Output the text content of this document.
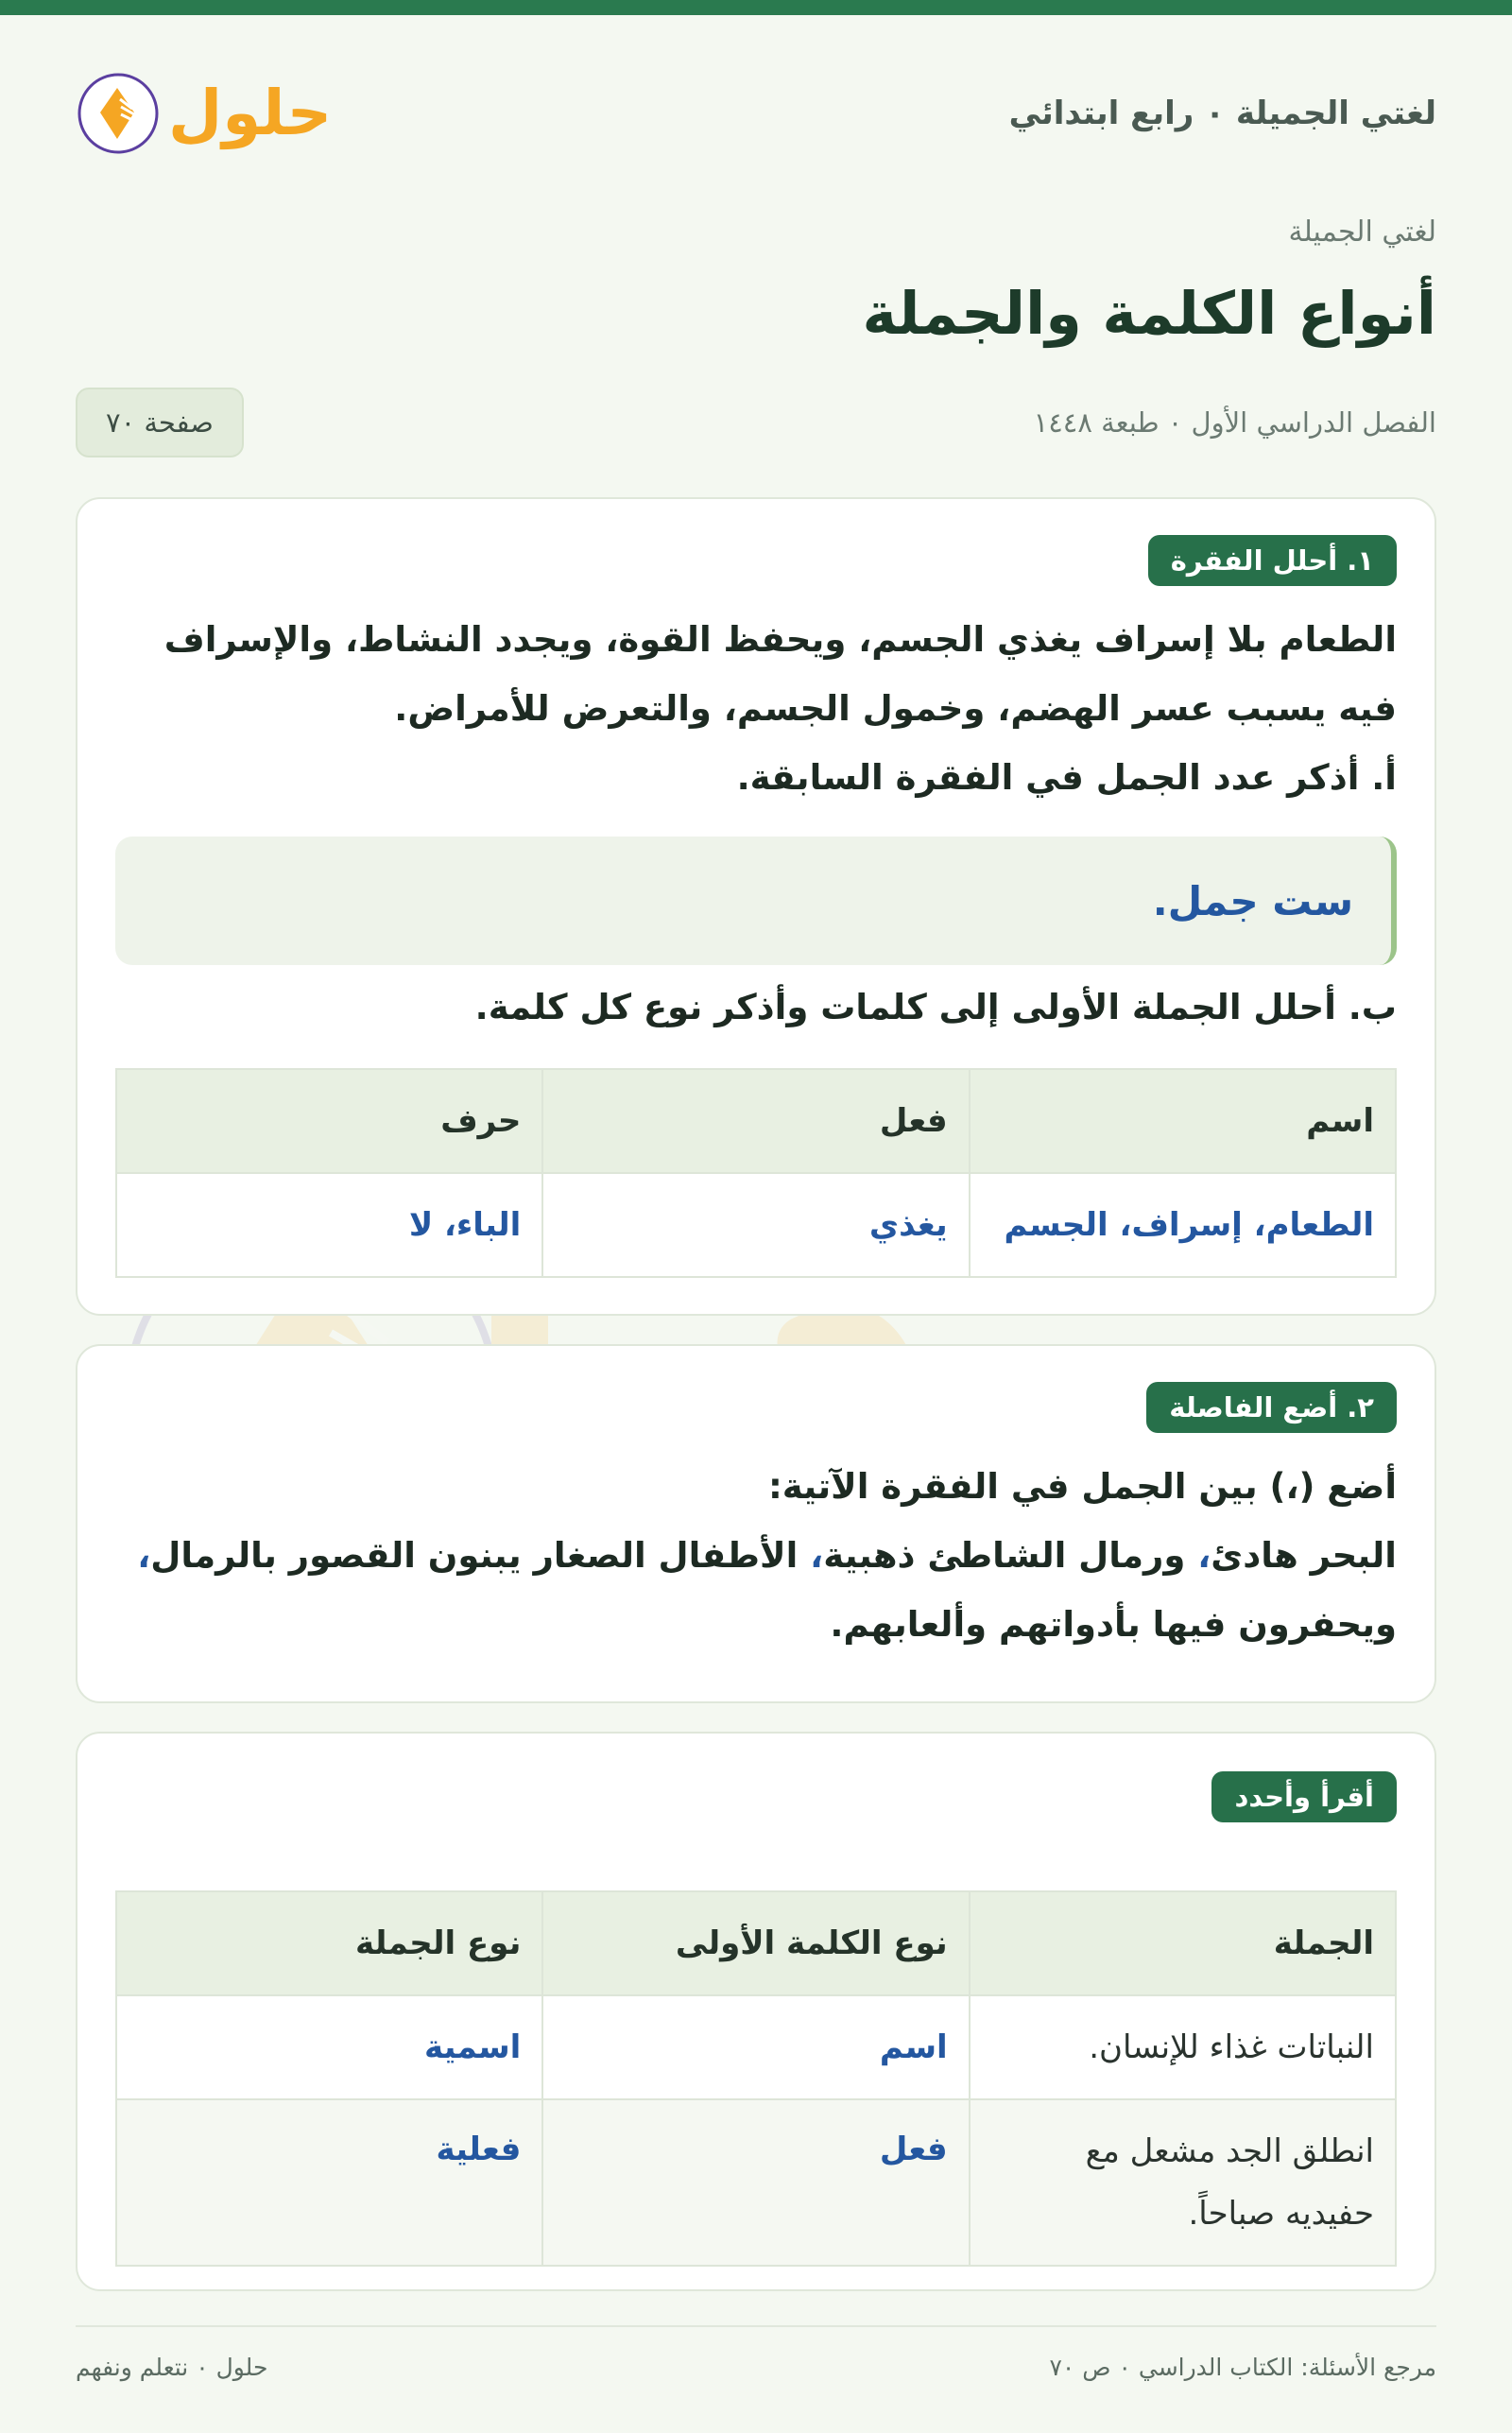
لغتي الجميلة ٠ رابع ابتدائي
حلول
لغتي الجميلة
أنواع الكلمة والجملة
الفصل الدراسي الأول ٠ طبعة ١٤٤٨
صفحة ٧٠
١. أحلل الفقرة

الطعام بلا إسراف يغذي الجسم، ويحفظ القوة، ويجدد النشاط، والإسراف فيه يسبب عسر الهضم، وخمول الجسم، والتعرض للأمراض.

أ. أذكر عدد الجمل في الفقرة السابقة.

ست جمل.

ب. أحلل الجملة الأولى إلى كلمات وأذكر نوع كل كلمة.

اسم	فعل	حرف
الطعام، إسراف، الجسم	يغذي	الباء، لا
٢. أضع الفاصلة

أضع (،) بين الجمل في الفقرة الآتية:

البحر هادئ، ورمال الشاطئ ذهبية، الأطفال الصغار يبنون القصور بالرمال، ويحفرون فيها بأدواتهم وألعابهم.

أقرأ وأحدد
الجملة	نوع الكلمة الأولى	نوع الجملة
النباتات غذاء للإنسان.	اسم	اسمية
انطلق الجد مشعل مع حفيديه صباحاً.	فعل	فعلية
مرجع الأسئلة: الكتاب الدراسي ٠ ص ٧٠
حلول ٠ نتعلم ونفهم
